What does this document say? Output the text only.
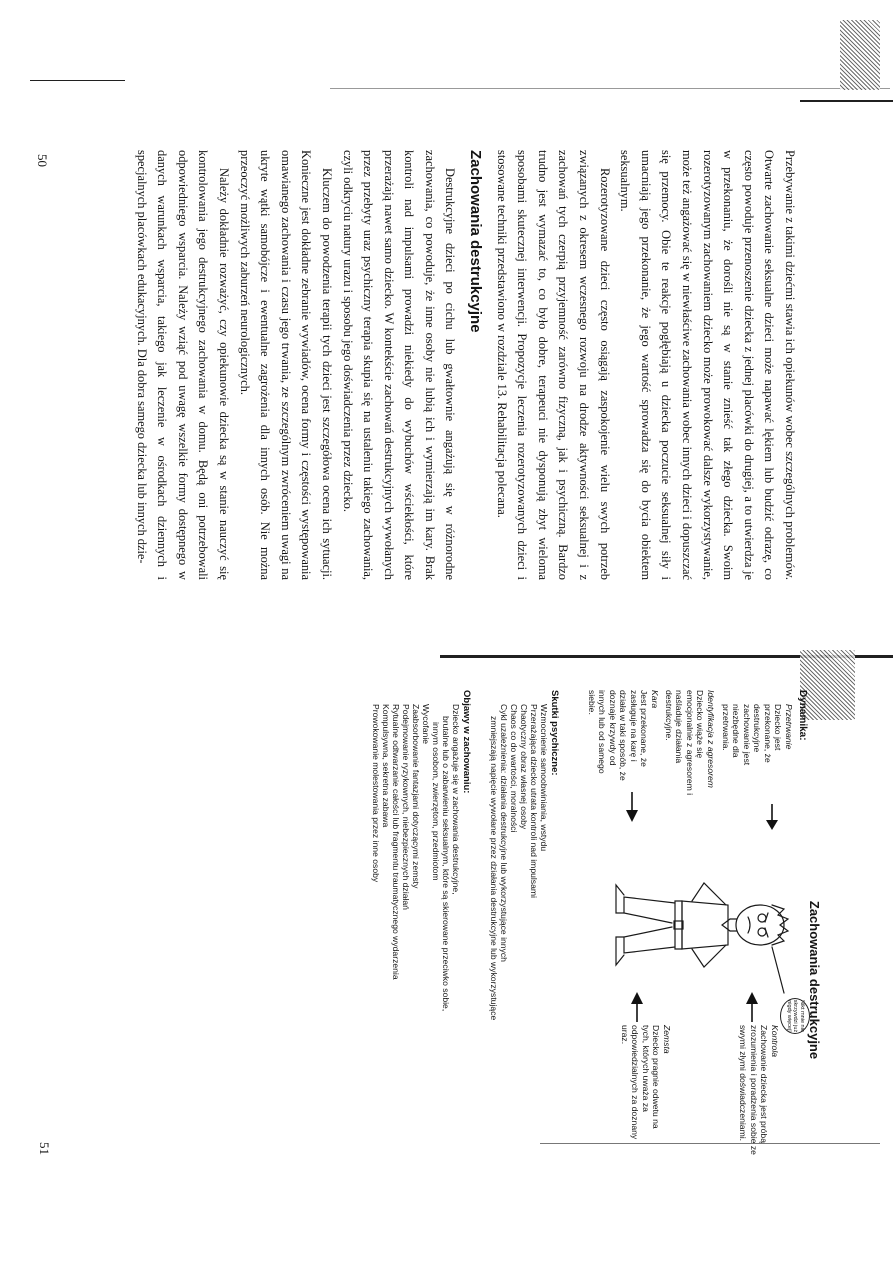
Przebywanie z takimi dziećmi stawia ich opiekunów wobec szczególnych problemów. Otwarte zachowanie seksualne dzieci może napawać lękiem lub budzić odrazę, co często powoduje przenoszenie dziecka z jednej placówki do drugiej, a to utwierdza je w przekonaniu, że dorośli nie są w stanie znieść tak złego dziecka. Swoim rozerotyzowanym zachowaniem dziecko może prowokować dalsze wykorzystywanie, może też angażować się w niewłaściwe zachowania wobec innych dzieci i dopuszczać się przemocy. Obie te reakcje pogłębiają u dziecka poczucie seksualnej siły i umacniają jego przekonanie, że jego wartość sprowadza się do bycia obiektem seksualnym.

Rozerotyzowane dzieci często osiągają zaspokojenie wielu swych potrzeb związanych z okresem wczesnego rozwoju na drodze aktywności seksualnej i z zachowań tych czerpią przyjemność zarówno fizyczną, jak i psychiczną. Bardzo trudno jest wymazać to, co było dobre, terapeuci nie dysponują zbyt wieloma sposobami skutecznej interwencji. Propozycje leczenia rozerotyzowanych dzieci i stosowane techniki przedstawiono w rozdziale 13. Rehabilitacja polecana.

Zachowania destrukcyjne

Destrukcyjne dzieci po cichu lub gwałtownie angażują się w różnorodne zachowania, co powoduje, że inne osoby nie lubią ich i wymierzają im kary. Brak kontroli nad impulsami prowadzi niekiedy do wybuchów wściekłości, które przerażają nawet samo dziecko. W kontekście zachowań destrukcyjnych wywołanych przez przebyty uraz psychiczny terapia skupia się na ustaleniu takiego zachowania, czyli odkryciu natury urazu i sposobu jego doświadczenia przez dziecko.

Kluczem do powodzenia terapii tych dzieci jest szczegółowa ocena ich sytuacji. Konieczne jest dokładne zebranie wywiadów, ocena formy i częstości występowania omawianego zachowania i czasu jego trwania, ze szczególnym zwróceniem uwagi na ukryte wątki samobójcze i ewentualne zagrożenia dla innych osób. Nie można przeoczyć możliwych zaburzeń neurologicznych.

Należy dokładnie rozważyć, czy opiekunowie dziecka są w stanie nauczyć się kontrolowania jego destrukcyjnego zachowania w domu. Będą oni potrzebowali odpowiedniego wsparcia. Należy wziąć pod uwagę wszelkie formy dostępnego w danych warunkach wsparcia, takiego jak leczenie w ośrodkach dziennych i specjalnych placówkach edukacyjnych. Dla dobra samego dziecka lub innych dzie-

50
Zachowania destrukcyjne
Dynamika:
Przetrwanie
Dziecko jest przekonane, że destrukcyjne zachowanie jest niezbędne dla przetrwania.
Identyfikacja z agresorem
Dziecko wiąże się emocjonalnie z agresorem i naśladuje działania destrukcyjne.
Kara
Jest przekonane, że zasługuje na karę i działa w taki sposób, że doznaje krzywdy od innych lub od samego siebie.
Kontrola
Zachowanie dziecka jest próbą zrozumienia i poradzenia sobie ze swymi złymi doświadczeniami.
Zemsta
Dziecko pragnie odwetu na tych, których uważa za odpowiedzialnych za doznany uraz.
Nikt mnie nie skrzywdzi już nigdy więcej!
Skutki psychiczne:
Wzmocnienie samoobwiniania, wstydu
Przerażająca dziecko utrata kontroli nad impulsami
Chaotyczny obraz własnej osoby
Chaos co do wartości, moralności
Cykl uzależnienia: działania destrukcyjne lub wykorzystujące innych
zmniejszają napięcie wywołane przez działania destrukcyjne lub wykorzystujące
Objawy w zachowaniu:
Dziecko angażuje się w zachowania destrukcyjne,
brutalne lub o zabarwieniu seksualnym, które są skierowane przeciwko sobie,
innym osobom, zwierzętom, przedmiotom
Wycofanie
Zaabsorbowanie fantazjami dotyczącymi zemsty
Podejmowanie ryzykownych, niebezpiecznych działań
Rytualne odtwarzanie całości lub fragmentu traumatycznego wydarzenia
Kompulsywna, sekretna zabawa
Prowokowanie molestowania przez inne osoby
51
